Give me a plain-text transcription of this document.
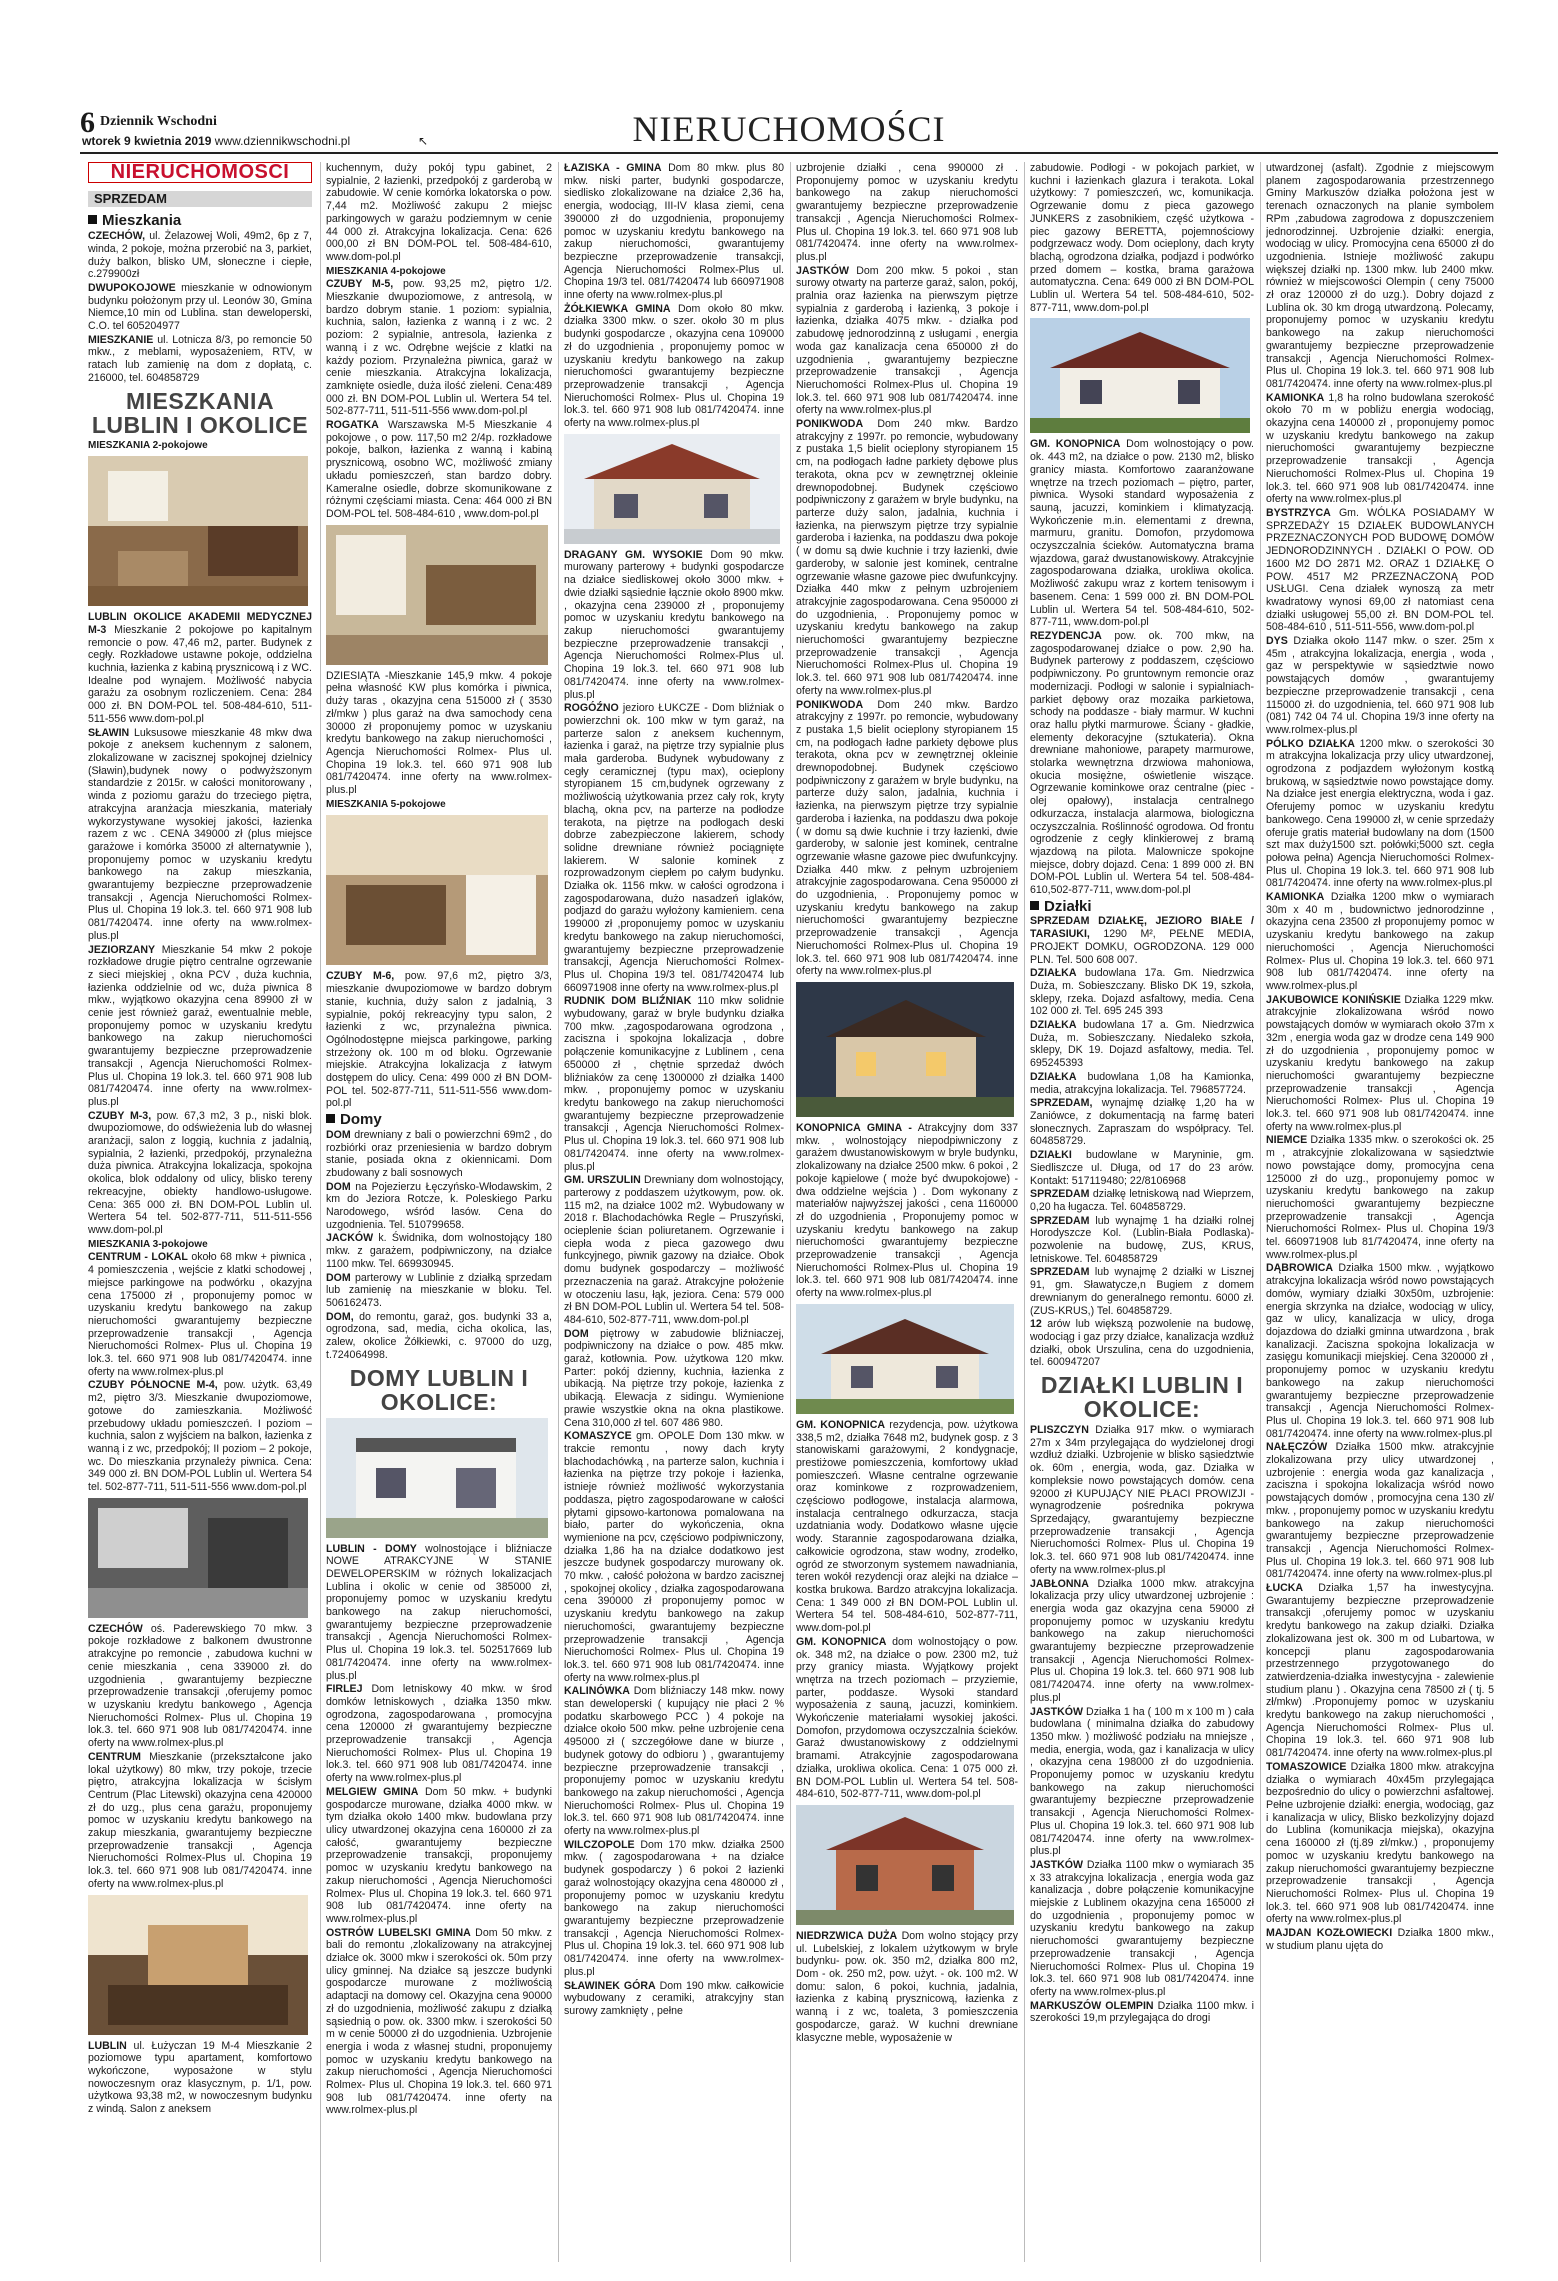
6 Dziennik Wschodni
wtorek 9 kwietnia 2019 www.dziennikwschodni.pl	↖	NIERUCHOMOŚCI
NIERUCHOMOŚCI
SPRZEDAM
Mieszkania
CZECHÓW, ul. Żelazowej Woli, 49m2, 6p z 7, winda, 2 pokoje, można przerobić na 3, parkiet, duży balkon, blisko UM, słoneczne i ciepłe, c.279900zł
DWUPOKOJOWE mieszkanie w odnowionym budynku położonym przy ul. Leonów 30, Gmina Niemce,10 min od Lublina. stan deweloperski, C.O. tel 605204977
MIESZKANIE ul. Lotnicza 8/3, po remoncie 50 mkw., z meblami, wyposażeniem, RTV, w ratach lub zamienię na dom z dopłatą, c. 216000, tel. 604858729
MIESZKANIA LUBLIN I OKOLICE
MIESZKANIA 2-pokojowe
LUBLIN OKOLICE AKADEMII MEDYCZNEJ M-3 Mieszkanie 2 pokojowe po kapitalnym remoncie o pow. 47,46 m2, parter. Budynek z cegły. Rozkładowe ustawne pokoje, oddzielna kuchnia, łazienka z kabiną prysznicową i z WC. Idealne pod wynajem. Możliwość nabycia garażu za osobnym rozliczeniem. Cena: 284 000 zł. BN DOM-POL tel. 508-484-610, 511-511-556 www.dom-pol.pl
SŁAWIN Luksusowe mieszkanie 48 mkw dwa pokoje z aneksem kuchennym z salonem, zlokalizowane w zacisznej spokojnej dzielnicy (Sławin),budynek nowy o podwyższonym standardzie z 2015r. w całości monitorowany , winda z poziomu garażu do trzeciego piętra, atrakcyjna aranżacja mieszkania, materiały wykorzystywane wysokiej jakości, łazienka razem z wc . CENA 349000 zł (plus miejsce garażowe i komórka 35000 zł alternatywnie ), proponujemy pomoc w uzyskaniu kredytu bankowego na zakup mieszkania, gwarantujemy bezpieczne przeprowadzenie transakcji , Agencja Nieruchomości Rolmex-Plus ul. Chopina 19 lok.3. tel. 660 971 908 lub 081/7420474. inne oferty na www.rolmex-plus.pl
JEZIORZANY Mieszkanie 54 mkw 2 pokoje rozkładowe drugie piętro centralne ogrzewanie z sieci miejskiej , okna PCV , duża kuchnia, łazienka oddzielnie od wc, duża piwnica 8 mkw., wyjątkowo okazyjna cena 89900 zł w cenie jest również garaż, ewentualnie meble, proponujemy pomoc w uzyskaniu kredytu bankowego na zakup nieruchomości gwarantujemy bezpieczne przeprowadzenie transakcji , Agencja Nieruchomości Rolmex- Plus ul. Chopina 19 lok.3. tel. 660 971 908 lub 081/7420474. inne oferty na www.rolmex-plus.pl
CZUBY M-3, pow. 67,3 m2, 3 p., niski blok. dwupoziomowe, do odświeżenia lub do własnej aranżacji, salon z loggią, kuchnia z jadalnią, sypialnia, 2 łazienki, przedpokój, przynależna duża piwnica. Atrakcyjna lokalizacja, spokojna okolica, blok oddalony od ulicy, blisko tereny rekreacyjne, obiekty handlowo-usługowe. Cena: 365 000 zł. BN DOM-POL Lublin ul. Wertera 54 tel. 502-877-711, 511-511-556 www.dom-pol.pl
MIESZKANIA 3-pokojowe
CENTRUM - LOKAL około 68 mkw + piwnica , 4 pomieszczenia , wejście z klatki schodowej , miejsce parkingowe na podwórku , okazyjna cena 175000 zł , proponujemy pomoc w uzyskaniu kredytu bankowego na zakup nieruchomości gwarantujemy bezpieczne przeprowadzenie transakcji , Agencja Nieruchomości Rolmex- Plus ul. Chopina 19 lok.3. tel. 660 971 908 lub 081/7420474. inne oferty na www.rolmex-plus.pl
CZUBY PÓŁNOCNE M-4, pow. użytk. 63,49 m2, piętro 3/3. Mieszkanie dwupoziomowe, gotowe do zamieszkania. Możliwość przebudowy układu pomieszczeń. I poziom – kuchnia, salon z wyjściem na balkon, łazienka z wanną i z wc, przedpokój; II poziom – 2 pokoje, wc. Do mieszkania przynależy piwnica. Cena: 349 000 zł. BN DOM-POL Lublin ul. Wertera 54 tel. 502-877-711, 511-511-556 www.dom-pol.pl
CZECHÓW oś. Paderewskiego 70 mkw. 3 pokoje rozkładowe z balkonem dwustronne atrakcyjne po remoncie , zabudowa kuchni w cenie mieszkania , cena 339000 zł. do uzgodnienia , gwarantujemy bezpieczne przeprowadzenie transakcji ,oferujemy pomoc w uzyskaniu kredytu bankowego , Agencja Nieruchomości Rolmex- Plus ul. Chopina 19 lok.3. tel. 660 971 908 lub 081/7420474. inne oferty na www.rolmex-plus.pl
CENTRUM Mieszkanie (przekształcone jako lokal użytkowy) 80 mkw, trzy pokoje, trzecie piętro, atrakcyjna lokalizacja w ścisłym Centrum (Plac Litewski) okazyjna cena 420000 zł do uzg., plus cena garażu, proponujemy pomoc w uzyskaniu kredytu bankowego na zakup mieszkania, gwarantujemy bezpieczne przeprowadzenie transakcji , Agencja Nieruchomości Rolmex-Plus ul. Chopina 19 lok.3. tel. 660 971 908 lub 081/7420474. inne oferty na www.rolmex-plus.pl
LUBLIN ul. Łużyczan 19 M-4 Mieszkanie 2 poziomowe typu apartament, komfortowo wykończone, wyposażone w stylu nowoczesnym oraz klasycznym, p. 1/1, pow. użytkowa 93,38 m2, w nowoczesnym budynku z windą. Salon z aneksem
kuchennym, duży pokój typu gabinet, 2 sypialnie, 2 łazienki, przedpokój z garderobą w zabudowie. W cenie komórka lokatorska o pow. 7,44 m2. Możliwość zakupu 2 miejsc parkingowych w garażu podziemnym w cenie 44 000 zł. Atrakcyjna lokalizacja. Cena: 626 000,00 zł BN DOM-POL tel. 508-484-610, www.dom-pol.pl
MIESZKANIA 4-pokojowe
CZUBY M-5, pow. 93,25 m2, piętro 1/2. Mieszkanie dwupoziomowe, z antresolą, w bardzo dobrym stanie. 1 poziom: sypialnia, kuchnia, salon, łazienka z wanną i z wc. 2 poziom: 2 sypialnie, antresola, łazienka z wanną i z wc. Odrębne wejście z klatki na każdy poziom. Przynależna piwnica, garaż w cenie mieszkania. Atrakcyjna lokalizacja, zamknięte osiedle, duża ilość zieleni. Cena:489 000 zł. BN DOM-POL Lublin ul. Wertera 54 tel. 502-877-711, 511-511-556 www.dom-pol.pl
ROGATKA Warszawska M-5 Mieszkanie 4 pokojowe , o pow. 117,50 m2 2/4p. rozkładowe pokoje, balkon, łazienka z wanną i kabiną prysznicową, osobno WC, możliwość zmiany układu pomieszczeń, stan bardzo dobry. Kameralne osiedle, dobrze skomunikowane z różnymi częściami miasta. Cena: 464 000 zł BN DOM-POL tel. 508-484-610 , www.dom-pol.pl
DZIESIĄTA -Mieszkanie 145,9 mkw. 4 pokoje pełna własność KW plus komórka i piwnica, duży taras , okazyjna cena 515000 zł ( 3530 zł/mkw ) plus garaż na dwa samochody cena 30000 zł proponujemy pomoc w uzyskaniu kredytu bankowego na zakup nieruchomości , Agencja Nieruchomości Rolmex- Plus ul. Chopina 19 lok.3. tel. 660 971 908 lub 081/7420474. inne oferty na www.rolmex-plus.pl
MIESZKANIA 5-pokojowe
CZUBY M-6, pow. 97,6 m2, piętro 3/3, mieszkanie dwupoziomowe w bardzo dobrym stanie, kuchnia, duży salon z jadalnią, 3 sypialnie, pokój rekreacyjny typu salon, 2 łazienki z wc, przynależna piwnica. Ogólnodostępne miejsca parkingowe, parking strzeżony ok. 100 m od bloku. Ogrzewanie miejskie. Atrakcyjna lokalizacja z łatwym dostępem do ulicy. Cena: 499 000 zł BN DOM-POL tel. 502-877-711, 511-511-556 www.dom-pol.pl
Domy
DOM drewniany z bali o powierzchni 69m2 , do rozbiórki oraz przeniesienia w bardzo dobrym stanie, posiada okna z okiennicami. Dom zbudowany z bali sosnowych
DOM na Pojezierzu Łęczyńsko-Włodawskim, 2 km do Jeziora Rotcze, k. Poleskiego Parku Narodowego, wśród lasów. Cena do uzgodnienia. Tel. 510799658.
JACKÓW k. Świdnika, dom wolnostojący 180 mkw. z garażem, podpiwniczony, na działce 1100 mkw. Tel. 669930945.
DOM parterowy w Lublinie z działką sprzedam lub zamienię na mieszkanie w bloku. Tel. 506162473.
DOM, do remontu, garaż, gos. budynki 33 a, ogrodzona, sad, media, cicha okolica, las, zalew, okolice Żółkiewki, c. 97000 do uzg, t.724064998.
DOMY LUBLIN I OKOLICE:
LUBLIN - DOMY wolnostojące i bliźniacze NOWE ATRAKCYJNE W STANIE DEWELOPERSKIM w różnych lokalizacjach Lublina i okolic w cenie od 385000 zł, proponujemy pomoc w uzyskaniu kredytu bankowego na zakup nieruchomości, gwarantujemy bezpieczne przeprowadzenie transakcji , Agencja Nieruchomości Rolmex-Plus ul. Chopina 19 lok.3. tel. 502517669 lub 081/7420474. inne oferty na www.rolmex-plus.pl
FIRLEJ Dom letniskowy 40 mkw. w środ domków letniskowych , działka 1350 mkw. ogrodzona, zagospodarowana , promocyjna cena 120000 zł gwarantujemy bezpieczne przeprowadzenie transakcji , Agencja Nieruchomości Rolmex- Plus ul. Chopina 19 lok.3. tel. 660 971 908 lub 081/7420474. inne oferty na www.rolmex-plus.pl
MELGIEW GMINA Dom 50 mkw. + budynki gospodarcze murowane, działka 4000 mkw. w tym działka około 1400 mkw. budowlana przy ulicy utwardzonej okazyjna cena 160000 zł za całość, gwarantujemy bezpieczne przeprowadzenie transakcji, proponujemy pomoc w uzyskaniu kredytu bankowego na zakup nieruchomości , Agencja Nieruchomości Rolmex- Plus ul. Chopina 19 lok.3. tel. 660 971 908 lub 081/7420474. inne oferty na www.rolmex-plus.pl
OSTRÓW LUBELSKI GMINA Dom 50 mkw. z bali do remontu ,zlokalizowany na atrakcyjnej działce ok. 3000 mkw i szerokości ok. 50m przy ulicy gminnej. Na działce są jeszcze budynki gospodarcze murowane z możliwością adaptacji na domowy cel. Okazyjna cena 90000 zł do uzgodnienia, możliwość zakupu z działką sąsiednią o pow. ok. 3300 mkw. i szerokości 50 m w cenie 50000 zł do uzgodnienia. Uzbrojenie energia i woda z własnej studni, proponujemy pomoc w uzyskaniu kredytu bankowego na zakup nieruchomości , Agencja Nieruchomości Rolmex- Plus ul. Chopina 19 lok.3. tel. 660 971 908 lub 081/7420474. inne oferty na www.rolmex-plus.pl
ŁAZISKA - GMINA Dom 80 mkw. plus 80 mkw. niski parter, budynki gospodarcze, siedlisko zlokalizowane na działce 2,36 ha, energia, wodociąg, III-IV klasa ziemi, cena 390000 zł do uzgodnienia, proponujemy pomoc w uzyskaniu kredytu bankowego na zakup nieruchomości, gwarantujemy bezpieczne przeprowadzenie transakcji, Agencja Nieruchomości Rolmex-Plus ul. Chopina 19/3 tel. 081/7420474 lub 660971908 inne oferty na www.rolmex-plus.pl
ŻÓŁKIEWKA GMINA Dom około 80 mkw. działka 3300 mkw. o szer. około 30 m plus budynki gospodarcze , okazyjna cena 109000 zł do uzgodnienia , proponujemy pomoc w uzyskaniu kredytu bankowego na zakup nieruchomości gwarantujemy bezpieczne przeprowadzenie transakcji , Agencja Nieruchomości Rolmex- Plus ul. Chopina 19 lok.3. tel. 660 971 908 lub 081/7420474. inne oferty na www.rolmex-plus.pl
DRAGANY GM. WYSOKIE Dom 90 mkw. murowany parterowy + budynki gospodarcze na działce siedliskowej około 3000 mkw. + dwie działki sąsiednie łącznie około 8900 mkw. , okazyjna cena 239000 zł , proponujemy pomoc w uzyskaniu kredytu bankowego na zakup nieruchomości gwarantujemy bezpieczne przeprowadzenie transakcji , Agencja Nieruchomości Rolmex-Plus ul. Chopina 19 lok.3. tel. 660 971 908 lub 081/7420474. inne oferty na www.rolmex-plus.pl
ROGÓŹNO jezioro ŁUKCZE - Dom bliźniak o powierzchni ok. 100 mkw w tym garaż, na parterze salon z aneksem kuchennym, łazienka i garaż, na piętrze trzy sypialnie plus mała garderoba. Budynek wybudowany z cegły ceramicznej (typu max), ocieplony styropianem 15 cm,budynek ogrzewany z możliwością użytkowania przez cały rok, kryty blachą, okna pcv, na parterze na podłodze terakota, na piętrze na podłogach deski dobrze zabezpieczone lakierem, schody solidne drewniane również pociągnięte lakierem. W salonie kominek z rozprowadzonym ciepłem po całym budynku. Działka ok. 1156 mkw. w całości ogrodzona i zagospodarowana, dużo nasadzeń iglaków, podjazd do garażu wyłożony kamieniem. cena 199000 zł ,proponujemy pomoc w uzyskaniu kredytu bankowego na zakup nieruchomości, gwarantujemy bezpieczne przeprowadzenie transakcji, Agencja Nieruchomości Rolmex-Plus ul. Chopina 19/3 tel. 081/7420474 lub 660971908 inne oferty na www.rolmex-plus.pl
RUDNIK DOM BLIŹNIAK 110 mkw solidnie wybudowany, garaż w bryle budynku działka 700 mkw. ,zagospodarowana ogrodzona , zaciszna i spokojna lokalizacja , dobre połączenie komunikacyjne z Lublinem , cena 650000 zł , chętnie sprzedaż dwóch bliźniaków za cenę 1300000 zł działka 1400 mkw. , proponujemy pomoc w uzyskaniu kredytu bankowego na zakup nieruchomości gwarantujemy bezpieczne przeprowadzenie transakcji , Agencja Nieruchomości Rolmex- Plus ul. Chopina 19 lok.3. tel. 660 971 908 lub 081/7420474. inne oferty na www.rolmex-plus.pl
GM. URSZULIN Drewniany dom wolnostojący, parterowy z poddaszem użytkowym, pow. ok. 115 m2, na działce 1002 m2. Wybudowany w 2018 r. Blachodachówka Regle – Pruszyński, ocieplenie ścian poliuretanem. Ogrzewanie i ciepła woda z pieca gazowego dwu funkcyjnego, piwnik gazowy na działce. Obok domu budynek gospodarczy – możliwość przeznaczenia na garaż. Atrakcyjne położenie w otoczeniu lasu, łąk, jeziora. Cena: 579 000 zł BN DOM-POL Lublin ul. Wertera 54 tel. 508-484-610, 502-877-711, www.dom-pol.pl
DOM piętrowy w zabudowie bliźniaczej, podpiwniczony na działce o pow. 485 mkw. garaż, kotłownia. Pow. użytkowa 120 mkw. Parter: pokój dzienny, kuchnia, łazienka z ubikacją. Na piętrze trzy pokoje, łazienka z ubikacją. Elewacja z sidingu. Wymienione prawie wszystkie okna na okna plastikowe. Cena 310,000 zł tel. 607 486 980.
KOMASZYCE gm. OPOLE Dom 130 mkw. w trakcie remontu , nowy dach kryty blachodachówką , na parterze salon, kuchnia i łazienka na piętrze trzy pokoje i łazienka, istnieje również możliwość wykorzystania poddasza, piętro zagospodarowane w całości płytami gipsowo-kartonowa pomalowana na biało, parter do wykończenia, okna wymienione na pcv, częściowo podpiwniczony, działka 1,86 ha na działce dodatkowo jest jeszcze budynek gospodarczy murowany ok. 70 mkw. , całość położona w bardzo zacisznej , spokojnej okolicy , działka zagospodarowana cena 390000 zł proponujemy pomoc w uzyskaniu kredytu bankowego na zakup nieruchomości, gwarantujemy bezpieczne przeprowadzenie transakcji , Agencja Nieruchomości Rolmex- Plus ul. Chopina 19 lok.3. tel. 660 971 908 lub 081/7420474. inne oferty na www.rolmex-plus.pl
KALINÓWKA Dom bliźniaczy 148 mkw. nowy stan deweloperski ( kupujący nie płaci 2 % podatku skarbowego PCC ) 4 pokoje na działce około 500 mkw. pełne uzbrojenie cena 495000 zł ( szczegółowe dane w biurze , budynek gotowy do odbioru ) , gwarantujemy bezpieczne przeprowadzenie transakcji , proponujemy pomoc w uzyskaniu kredytu bankowego na zakup nieruchomości , Agencja Nieruchomości Rolmex- Plus ul. Chopina 19 lok.3. tel. 660 971 908 lub 081/7420474. inne oferty na www.rolmex-plus.pl
WILCZOPOLE Dom 170 mkw. działka 2500 mkw. ( zagospodarowana + na działce budynek gospodarczy ) 6 pokoi 2 łazienki garaż wolnostojący okazyjna cena 480000 zł , proponujemy pomoc w uzyskaniu kredytu bankowego na zakup nieruchomości gwarantujemy bezpieczne przeprowadzenie transakcji , Agencja Nieruchomości Rolmex-Plus ul. Chopina 19 lok.3. tel. 660 971 908 lub 081/7420474. inne oferty na www.rolmex-plus.pl
SŁAWINEK GÓRA Dom 190 mkw. całkowicie wybudowany z ceramiki, atrakcyjny stan surowy zamknięty , pełne
uzbrojenie działki , cena 990000 zł . Proponujemy pomoc w uzyskaniu kredytu bankowego na zakup nieruchomości gwarantujemy bezpieczne przeprowadzenie transakcji , Agencja Nieruchomości Rolmex-Plus ul. Chopina 19 lok.3. tel. 660 971 908 lub 081/7420474. inne oferty na www.rolmex-plus.pl
JASTKÓW Dom 200 mkw. 5 pokoi , stan surowy otwarty na parterze garaż, salon, pokój, pralnia oraz łazienka na pierwszym piętrze sypialnia z garderobą i łazienką, 3 pokoje i łazienka, działka 4075 mkw. - działka pod zabudowę jednorodzinną z usługami , energia woda gaz kanalizacja cena 650000 zł do uzgodnienia , gwarantujemy bezpieczne przeprowadzenie transakcji , Agencja Nieruchomości Rolmex-Plus ul. Chopina 19 lok.3. tel. 660 971 908 lub 081/7420474. inne oferty na www.rolmex-plus.pl
PONIKWODA Dom 240 mkw. Bardzo atrakcyjny z 1997r. po remoncie, wybudowany z pustaka 1,5 bielit ocieplony styropianem 15 cm, na podłogach ładne parkiety dębowe plus terakota, okna pcv w zewnętrznej okleinie drewnopodobnej. Budynek częściowo podpiwniczony z garażem w bryle budynku, na parterze duży salon, jadalnia, kuchnia i łazienka, na pierwszym piętrze trzy sypialnie garderoba i łazienka, na poddaszu dwa pokoje ( w domu są dwie kuchnie i trzy łazienki, dwie garderoby, w salonie jest kominek, centralne ogrzewanie własne gazowe piec dwufunkcyjny. Działka 440 mkw z pełnym uzbrojeniem atrakcyjnie zagospodarowana. Cena 950000 zł do uzgodnienia, . Proponujemy pomoc w uzyskaniu kredytu bankowego na zakup nieruchomości gwarantujemy bezpieczne przeprowadzenie transakcji , Agencja Nieruchomości Rolmex-Plus ul. Chopina 19 lok.3. tel. 660 971 908 lub 081/7420474. inne oferty na www.rolmex-plus.pl
PONIKWODA Dom 240 mkw. Bardzo atrakcyjny z 1997r. po remoncie, wybudowany z pustaka 1,5 bielit ocieplony styropianem 15 cm, na podłogach ładne parkiety dębowe plus terakota, okna pcv w zewnętrznej okleinie drewnopodobnej. Budynek częściowo podpiwniczony z garażem w bryle budynku, na parterze duży salon, jadalnia, kuchnia i łazienka, na pierwszym piętrze trzy sypialnie garderoba i łazienka, na poddaszu dwa pokoje ( w domu są dwie kuchnie i trzy łazienki, dwie garderoby, w salonie jest kominek, centralne ogrzewanie własne gazowe piec dwufunkcyjny. Działka 440 mkw. z pełnym uzbrojeniem atrakcyjnie zagospodarowana. Cena 950000 zł do uzgodnienia, . Proponujemy pomoc w uzyskaniu kredytu bankowego na zakup nieruchomości gwarantujemy bezpieczne przeprowadzenie transakcji , Agencja Nieruchomości Rolmex-Plus ul. Chopina 19 lok.3. tel. 660 971 908 lub 081/7420474. inne oferty na www.rolmex-plus.pl
KONOPNICA GMINA - Atrakcyjny dom 337 mkw. , wolnostojący niepodpiwniczony z garażem dwustanowiskowym w bryle budynku, zlokalizowany na działce 2500 mkw. 6 pokoi , 2 pokoje kąpielowe ( może być dwupokojowe) - dwa oddzielne wejścia ) . Dom wykonany z materiałów najwyższej jakości , cena 1160000 zł do uzgodnienia , Proponujemy pomoc w uzyskaniu kredytu bankowego na zakup nieruchomości gwarantujemy bezpieczne przeprowadzenie transakcji , Agencja Nieruchomości Rolmex-Plus ul. Chopina 19 lok.3. tel. 660 971 908 lub 081/7420474. inne oferty na www.rolmex-plus.pl
GM. KONOPNICA rezydencja, pow. użytkowa 338,5 m2, działka 7648 m2, budynek gosp. z 3 stanowiskami garażowymi, 2 kondygnacje, prestiżowe pomieszczenia, komfortowy układ pomieszczeń. Własne centralne ogrzewanie oraz kominkowe z rozprowadzeniem, częściowo podłogowe, instalacja alarmowa, instalacja centralnego odkurzacza, stacja uzdatniania wody. Dodatkowo własne ujęcie wody. Starannie zagospodarowana działka, całkowicie ogrodzona, staw wodny, zrodełko, ogród ze stworzonym systemem nawadniania, teren wokół rezydencji oraz alejki na działce – kostka brukowa. Bardzo atrakcyjna lokalizacja. Cena: 1 349 000 zł BN DOM-POL Lublin ul. Wertera 54 tel. 508-484-610, 502-877-711, www.dom-pol.pl
GM. KONOPNICA dom wolnostojący o pow. ok. 348 m2, na działce o pow. 2300 m2, tuż przy granicy miasta. Wyjątkowy projekt wnętrza na trzech poziomach – przyziemie, parter, poddasze. Wysoki standard wyposażenia z sauną, jacuzzi, kominkiem. Wykończenie materiałami wysokiej jakości. Domofon, przydomowa oczyszczalnia ścieków. Garaż dwustanowiskowy z oddzielnymi bramami. Atrakcyjnie zagospodarowana działka, urokliwa okolica. Cena: 1 075 000 zł. BN DOM-POL Lublin ul. Wertera 54 tel. 508-484-610, 502-877-711, www.dom-pol.pl
NIEDRZWICA DUŻA Dom wolno stojący przy ul. Lubelskiej, z lokalem użytkowym w bryle budynku- pow. ok. 350 m2, działka 800 m2, Dom - ok. 250 m2, pow. użyt. - ok. 100 m2. W domu: salon, 6 pokoi, kuchnia, jadalnia, łazienka z kabiną prysznicową, łazienka z wanną i z wc, toaleta, 3 pomieszczenia gospodarcze, garaż. W kuchni drewniane klasyczne meble, wyposażenie w
zabudowie. Podłogi - w pokojach parkiet, w kuchni i łazienkach glazura i terakota. Lokal użytkowy: 7 pomieszczeń, wc, komunikacja. Ogrzewanie domu z pieca gazowego JUNKERS z zasobnikiem, część użytkowa - piec gazowy BERETTA, pojemnościowy podgrzewacz wody. Dom ocieplony, dach kryty blachą, ogrodzona działka, podjazd i podwórko przed domem – kostka, brama garażowa automatyczna. Cena: 649 000 zł BN DOM-POL Lublin ul. Wertera 54 tel. 508-484-610, 502-877-711, www.dom-pol.pl
GM. KONOPNICA Dom wolnostojący o pow. ok. 443 m2, na działce o pow. 2130 m2, blisko granicy miasta. Komfortowo zaaranżowane wnętrze na trzech poziomach – piętro, parter, piwnica. Wysoki standard wyposażenia z sauną, jacuzzi, kominkiem i klimatyzacją. Wykończenie m.in. elementami z drewna, marmuru, granitu. Domofon, przydomowa oczyszczalnia ścieków. Automatyczna brama wjazdowa, garaż dwustanowiskowy. Atrakcyjnie zagospodarowana działka, urokliwa okolica. Możliwość zakupu wraz z kortem tenisowym i basenem. Cena: 1 599 000 zł. BN DOM-POL Lublin ul. Wertera 54 tel. 508-484-610, 502-877-711, www.dom-pol.pl
REZYDENCJA pow. ok. 700 mkw, na zagospodarowanej działce o pow. 2,90 ha. Budynek parterowy z poddaszem, częściowo podpiwniczony. Po gruntownym remoncie oraz modernizacji. Podłogi w salonie i sypialniach- parkiet dębowy oraz mozaika parkietowa, schody na poddasze - biały marmur. W kuchni oraz hallu płytki marmurowe. Ściany - gładkie, elementy dekoracyjne (sztukateria). Okna drewniane mahoniowe, parapety marmurowe, stolarka wewnętrzna drzwiowa mahoniowa, okucia mosiężne, oświetlenie wiszące. Ogrzewanie kominkowe oraz centralne (piec - olej opałowy), instalacja centralnego odkurzacza, instalacja alarmowa, biologiczna oczyszczalnia. Roślinność ogrodowa. Od frontu ogrodzenie z cegły klinkierowej z bramą wjazdową na pilota. Malownicze spokojne miejsce, dobry dojazd. Cena: 1 899 000 zł. BN DOM-POL Lublin ul. Wertera 54 tel. 508-484-610,502-877-711, www.dom-pol.pl
Działki
SPRZEDAM DZIAŁKĘ, JEZIORO BIAŁE / TARASIUKI, 1290 M², PEŁNE MEDIA, PROJEKT DOMKU, OGRODZONA. 129 000 PLN. Tel. 500 608 007.
DZIAŁKA budowlana 17a. Gm. Niedrzwica Duża, m. Sobieszczany. Blisko DK 19, szkoła, sklepy, rzeka. Dojazd asfaltowy, media. Cena 102 000 zł. Tel. 695 245 393
DZIAŁKA budowlana 17 a. Gm. Niedrzwica Duża, m. Sobieszczany. Niedaleko szkoła, sklepy, DK 19. Dojazd asfaltowy, media. Tel. 695245393
DZIAŁKA budowlana 1,08 ha Kamionka, media, atrakcyjna lokalizacja. Tel. 796857724.
SPRZEDAM, wynajmę działkę 1,20 ha w Zaniówce, z dokumentacją na farmę bateri słonecznych. Zapraszam do współpracy. Tel. 604858729.
DZIAŁKI budowlane w Maryninie, gm. Siedliszcze ul. Długa, od 17 do 23 arów. Kontakt: 517119480; 22/8106968
SPRZEDAM działkę letniskową nad Wieprzem, 0,20 ha ługacza. Tel. 604858729.
SPRZEDAM lub wynajmę 1 ha działki rolnej Horodyszcze Kol. (Lublin-Biała Podlaska)-pozwolenie na budowę, ZUS, KRUS, letniskowe. Tel. 604858729
SPRZEDAM lub wynajmę 2 działki w Lisznej 91, gm. Sławatycze,n Bugiem z domem drewnianym do generalnego remontu. 6000 zł. (ZUS-KRUS,) Tel. 604858729.
12 arów lub większą pozwolenie na budowę, wodociąg i gaz przy działce, kanalizacja wzdłuż działki, obok Urszulina, cena do uzgodnienia, tel. 600947207
DZIAŁKI LUBLIN I OKOLICE:
PLISZCZYN Działka 917 mkw. o wymiarach 27m x 34m przylegająca do wydzielonej drogi wzdłuż działki. Uzbrojenie w blisko sąsiedztwie ok. 60m , energia, woda, gaz. Działka w kompleksie nowo powstających domów. cena 92000 zł KUPUJĄCY NIE PŁACI PROWIZJI -wynagrodzenie pośrednika pokrywa Sprzedający, gwarantujemy bezpieczne przeprowadzenie transakcji , Agencja Nieruchomości Rolmex- Plus ul. Chopina 19 lok.3. tel. 660 971 908 lub 081/7420474. inne oferty na www.rolmex-plus.pl
JABŁONNA Działka 1000 mkw. atrakcyjna lokalizacja przy ulicy utwardzonej uzbrojenie : energia woda gaz okazyjna cena 59000 zł proponujemy pomoc w uzyskaniu kredytu bankowego na zakup nieruchomości gwarantujemy bezpieczne przeprowadzenie transakcji , Agencja Nieruchomości Rolmex- Plus ul. Chopina 19 lok.3. tel. 660 971 908 lub 081/7420474. inne oferty na www.rolmex-plus.pl
JASTKÓW Działka 1 ha ( 100 m x 100 m ) cała budowlana ( minimalna działka do zabudowy 1350 mkw. ) możliwość podziału na mniejsze , media, energia, woda, gaz i kanalizacja w ulicy , okazyjna cena 198000 zł do uzgodnienia. Proponujemy pomoc w uzyskaniu kredytu bankowego na zakup nieruchomości gwarantujemy bezpieczne przeprowadzenie transakcji , Agencja Nieruchomości Rolmex- Plus ul. Chopina 19 lok.3. tel. 660 971 908 lub 081/7420474. inne oferty na www.rolmex-plus.pl
JASTKÓW Działka 1100 mkw o wymiarach 35 x 33 atrakcyjna lokalizacja , energia woda gaz kanalizacja , dobre połączenie komunikacyjne miejskie z Lublinem okazyjna cena 165000 zł do uzgodnienia , proponujemy pomoc w uzyskaniu kredytu bankowego na zakup nieruchomości gwarantujemy bezpieczne przeprowadzenie transakcji , Agencja Nieruchomości Rolmex- Plus ul. Chopina 19 lok.3. tel. 660 971 908 lub 081/7420474. inne oferty na www.rolmex-plus.pl
MARKUSZÓW OLEMPIN Działka 1100 mkw. i szerokości 19,m przylegająca do drogi
utwardzonej (asfalt). Zgodnie z miejscowym planem zagospodarowania przestrzennego Gminy Markuszów działka położona jest w terenach oznaczonych na planie symbolem RPm ,zabudowa zagrodowa z dopuszczeniem jednorodzinnej. Uzbrojenie działki: energia, wodociąg w ulicy. Promocyjna cena 65000 zł do uzgodnienia. Istnieje możliwość zakupu większej działki np. 1300 mkw. lub 2400 mkw. również w miejscowości Olempin ( ceny 75000 zł oraz 120000 zł do uzg.). Dobry dojazd z Lublina ok. 30 km drogą utwardzoną. Polecamy, proponujemy pomoc w uzyskaniu kredytu bankowego na zakup nieruchomości gwarantujemy bezpieczne przeprowadzenie transakcji , Agencja Nieruchomości Rolmex- Plus ul. Chopina 19 lok.3. tel. 660 971 908 lub 081/7420474. inne oferty na www.rolmex-plus.pl
KAMIONKA 1,8 ha rolno budowlana szerokość około 70 m w pobliżu energia wodociąg, okazyjna cena 140000 zł , proponujemy pomoc w uzyskaniu kredytu bankowego na zakup nieruchomości gwarantujemy bezpieczne przeprowadzenie transakcji , Agencja Nieruchomości Rolmex-Plus ul. Chopina 19 lok.3. tel. 660 971 908 lub 081/7420474. inne oferty na www.rolmex-plus.pl
BYSTRZYCA Gm. WÓLKA POSIADAMY W SPRZEDAŻY 15 DZIAŁEK BUDOWLANYCH PRZEZNACZONYCH POD BUDOWĘ DOMÓW JEDNORODZINNYCH . DZIAŁKI O POW. OD 1600 M2 DO 2871 M2. ORAZ 1 DZIAŁKĘ O POW. 4517 M2 PRZEZNACZONĄ POD USŁUGI. Cena działek wynoszą za metr kwadratowy wynosi 69,00 zł natomiast cena działki usługowej 55,00 zł. BN DOM-POL tel. 508-484-610 , 511-511-556, www.dom-pol.pl
DYS Działka około 1147 mkw. o szer. 25m x 45m , atrakcyjna lokalizacja, energia , woda , gaz w perspektywie w sąsiedztwie nowo powstających domów , gwarantujemy bezpieczne przeprowadzenie transakcji , cena 115000 zł. do uzgodnienia, tel. 660 971 908 lub (081) 742 04 74 ul. Chopina 19/3 inne oferty na www.rolmex-plus.pl
PÓLKO DZIAŁKA 1200 mkw. o szerokości 30 m atrakcyjna lokalizacja przy ulicy utwardzonej, ogrodzona z podjazdem wyłożonym kostką brukową, w sąsiedztwie nowo powstające domy. Na działce jest energia elektryczna, woda i gaz. Oferujemy pomoc w uzyskaniu kredytu bankowego. Cena 199000 zł, w cenie sprzedaży oferuje gratis materiał budowlany na dom (1500 szt max duży1500 szt. połówki;5000 szt. cegła połowa pełna) Agencja Nieruchomości Rolmex- Plus ul. Chopina 19 lok.3. tel. 660 971 908 lub 081/7420474. inne oferty na www.rolmex-plus.pl
KAMIONKA Działka 1200 mkw o wymiarach 30m x 40 m , budownictwo jednorodzinne , okazyjna cena 23500 zł proponujemy pomoc w uzyskaniu kredytu bankowego na zakup nieruchomości , Agencja Nieruchomości Rolmex- Plus ul. Chopina 19 lok.3. tel. 660 971 908 lub 081/7420474. inne oferty na www.rolmex-plus.pl
JAKUBOWICE KONIŃSKIE Działka 1229 mkw. atrakcyjnie zlokalizowana wśród nowo powstających domów w wymiarach około 37m x 32m , energia woda gaz w drodze cena 149 900 zł do uzgodnienia , proponujemy pomoc w uzyskaniu kredytu bankowego na zakup nieruchomości gwarantujemy bezpieczne przeprowadzenie transakcji , Agencja Nieruchomości Rolmex- Plus ul. Chopina 19 lok.3. tel. 660 971 908 lub 081/7420474. inne oferty na www.rolmex-plus.pl
NIEMCE Działka 1335 mkw. o szerokości ok. 25 m , atrakcyjnie zlokalizowana w sąsiedztwie nowo powstające domy, promocyjna cena 125000 zł do uzg., proponujemy pomoc w uzyskaniu kredytu bankowego na zakup nieruchomości gwarantujemy bezpieczne przeprowadzenie transakcji , Agencja Nieruchomości Rolmex- Plus ul. Chopina 19/3 tel. 660971908 lub 81/7420474, inne oferty na www.rolmex-plus.pl
DĄBROWICA Działka 1500 mkw. , wyjątkowo atrakcyjna lokalizacja wśród nowo powstających domów, wymiary działki 30x50m, uzbrojenie: energia skrzynka na działce, wodociąg w ulicy, gaz w ulicy, kanalizacja w ulicy, droga dojazdowa do działki gminna utwardzona , brak kanalizacji. Zaciszna spokojna lokalizacja w zasięgu komunikacji miejskiej. Cena 320000 zł , proponujemy pomoc w uzyskaniu kredytu bankowego na zakup nieruchomości gwarantujemy bezpieczne przeprowadzenie transakcji , Agencja Nieruchomości Rolmex- Plus ul. Chopina 19 lok.3. tel. 660 971 908 lub 081/7420474. inne oferty na www.rolmex-plus.pl
NAŁĘCZÓW Działka 1500 mkw. atrakcyjnie zlokalizowana przy ulicy utwardzonej , uzbrojenie : energia woda gaz kanalizacja , zaciszna i spokojna lokalizacja wśród nowo powstających domów , promocyjna cena 130 zł/ mkw. , proponujemy pomoc w uzyskaniu kredytu bankowego na zakup nieruchomości gwarantujemy bezpieczne przeprowadzenie transakcji , Agencja Nieruchomości Rolmex- Plus ul. Chopina 19 lok.3. tel. 660 971 908 lub 081/7420474. inne oferty na www.rolmex-plus.pl
ŁUCKA Działka 1,57 ha inwestycyjna. Gwarantujemy bezpieczne przeprowadzenie transakcji ,oferujemy pomoc w uzyskaniu kredytu bankowego na zakup działki. Działka zlokalizowana jest ok. 300 m od Lubartowa, w koncepcji planu zagospodarowania przestrzennego przygotowanego do zatwierdzenia-działka inwestycyjna - zalewienie studium planu ) . Okazyjna cena 78500 zł ( tj. 5 zł/mkw) .Proponujemy pomoc w uzyskaniu kredytu bankowego na zakup nieruchomości , Agencja Nieruchomości Rolmex- Plus ul. Chopina 19 lok.3. tel. 660 971 908 lub 081/7420474. inne oferty na www.rolmex-plus.pl
TOMASZOWICE Działka 1800 mkw. atrakcyjna działka o wymiarach 40x45m przylegająca bezpośrednio do ulicy o powierzchni asfaltowej. Pełne uzbrojenie działki: energia, wodociąg, gaz i kanalizacja w ulicy, Blisko bezkolizyjny dojazd do Lublina (komunikacja miejska), okazyjna cena 160000 zł (tj.89 zł/mkw.) , proponujemy pomoc w uzyskaniu kredytu bankowego na zakup nieruchomości gwarantujemy bezpieczne przeprowadzenie transakcji , Agencja Nieruchomości Rolmex- Plus ul. Chopina 19 lok.3. tel. 660 971 908 lub 081/7420474. inne oferty na www.rolmex-plus.pl
MAJDAN KOZŁOWIECKI Działka 1800 mkw., w studium planu ujęta do
